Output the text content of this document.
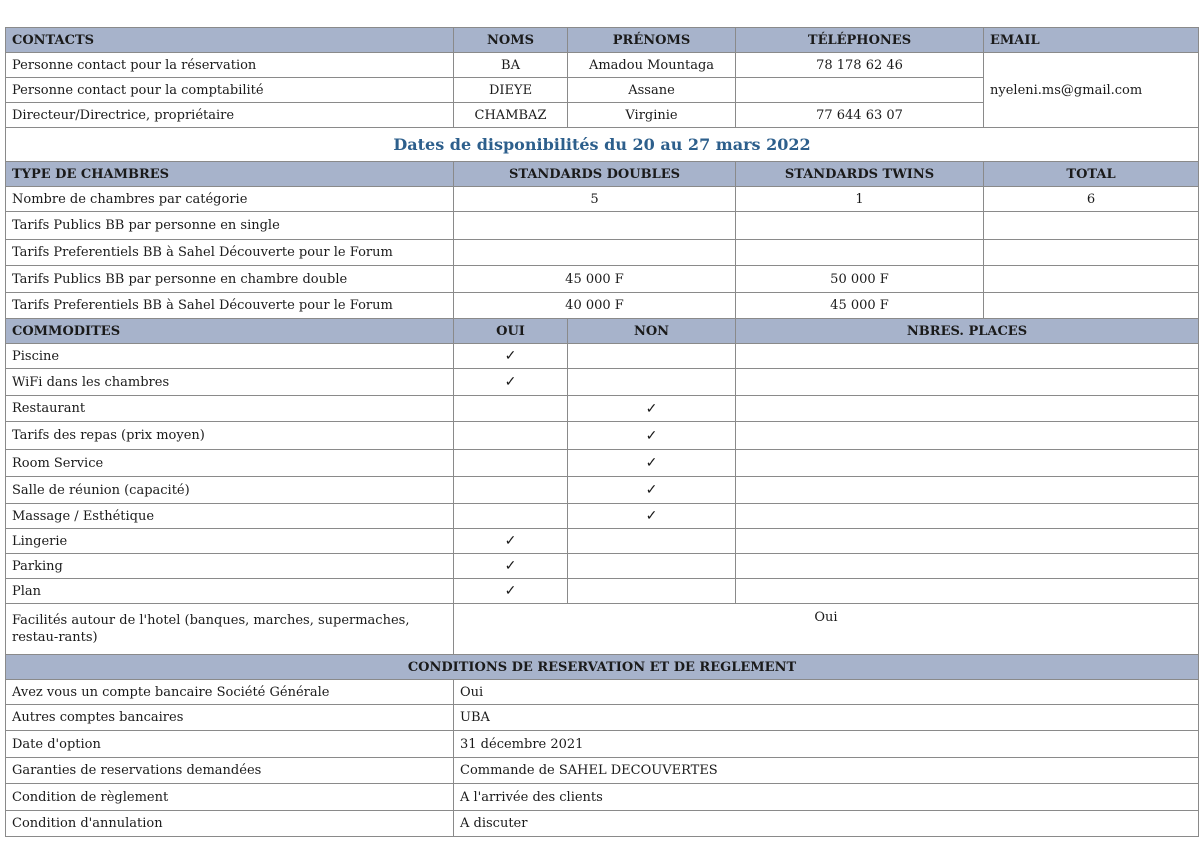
CONTACTS	NOMS	PRÉNOMS	TÉLÉPHONES	EMAIL
Personne contact pour la réservation	BA	Amadou Mountaga	78 178 62 46	nyeleni.ms@gmail.com
Personne contact pour la comptabilité	DIEYE	Assane		
Directeur/Directrice, propriétaire	CHAMBAZ	Virginie	77 644 63 07	
Dates de disponibilités du 20 au 27 mars 2022				
TYPE DE CHAMBRES	STANDARDS DOUBLES		STANDARDS TWINS	TOTAL
Nombre de chambres par catégorie	5		1	6
Tarifs Publics BB par personne en single				
Tarifs Preferentiels BB à Sahel Découverte pour le Forum				
Tarifs Publics BB par personne en chambre double	45 000 F		50 000 F	
Tarifs Preferentiels BB à Sahel Découverte pour le Forum	40 000 F		45 000 F	
COMMODITES	OUI	NON	NBRES. PLACES	
Piscine	✓			
WiFi dans les chambres	✓			
Restaurant		✓		
Tarifs des repas (prix moyen)		✓		
Room Service		✓		
Salle de réunion (capacité)		✓		
Massage / Esthétique		✓		
Lingerie	✓			
Parking	✓			
Plan	✓			
Facilités autour de l'hotel (banques, marches, supermaches, restau-rants)	Oui			
CONDITIONS DE RESERVATION ET DE REGLEMENT				
Avez vous un compte bancaire Société Générale	Oui			
Autres comptes bancaires	UBA			
Date d'option	31 décembre 2021			
Garanties de reservations demandées	Commande de SAHEL DECOUVERTES			
Condition de règlement	A l'arrivée des clients			
Condition d'annulation	A discuter			
